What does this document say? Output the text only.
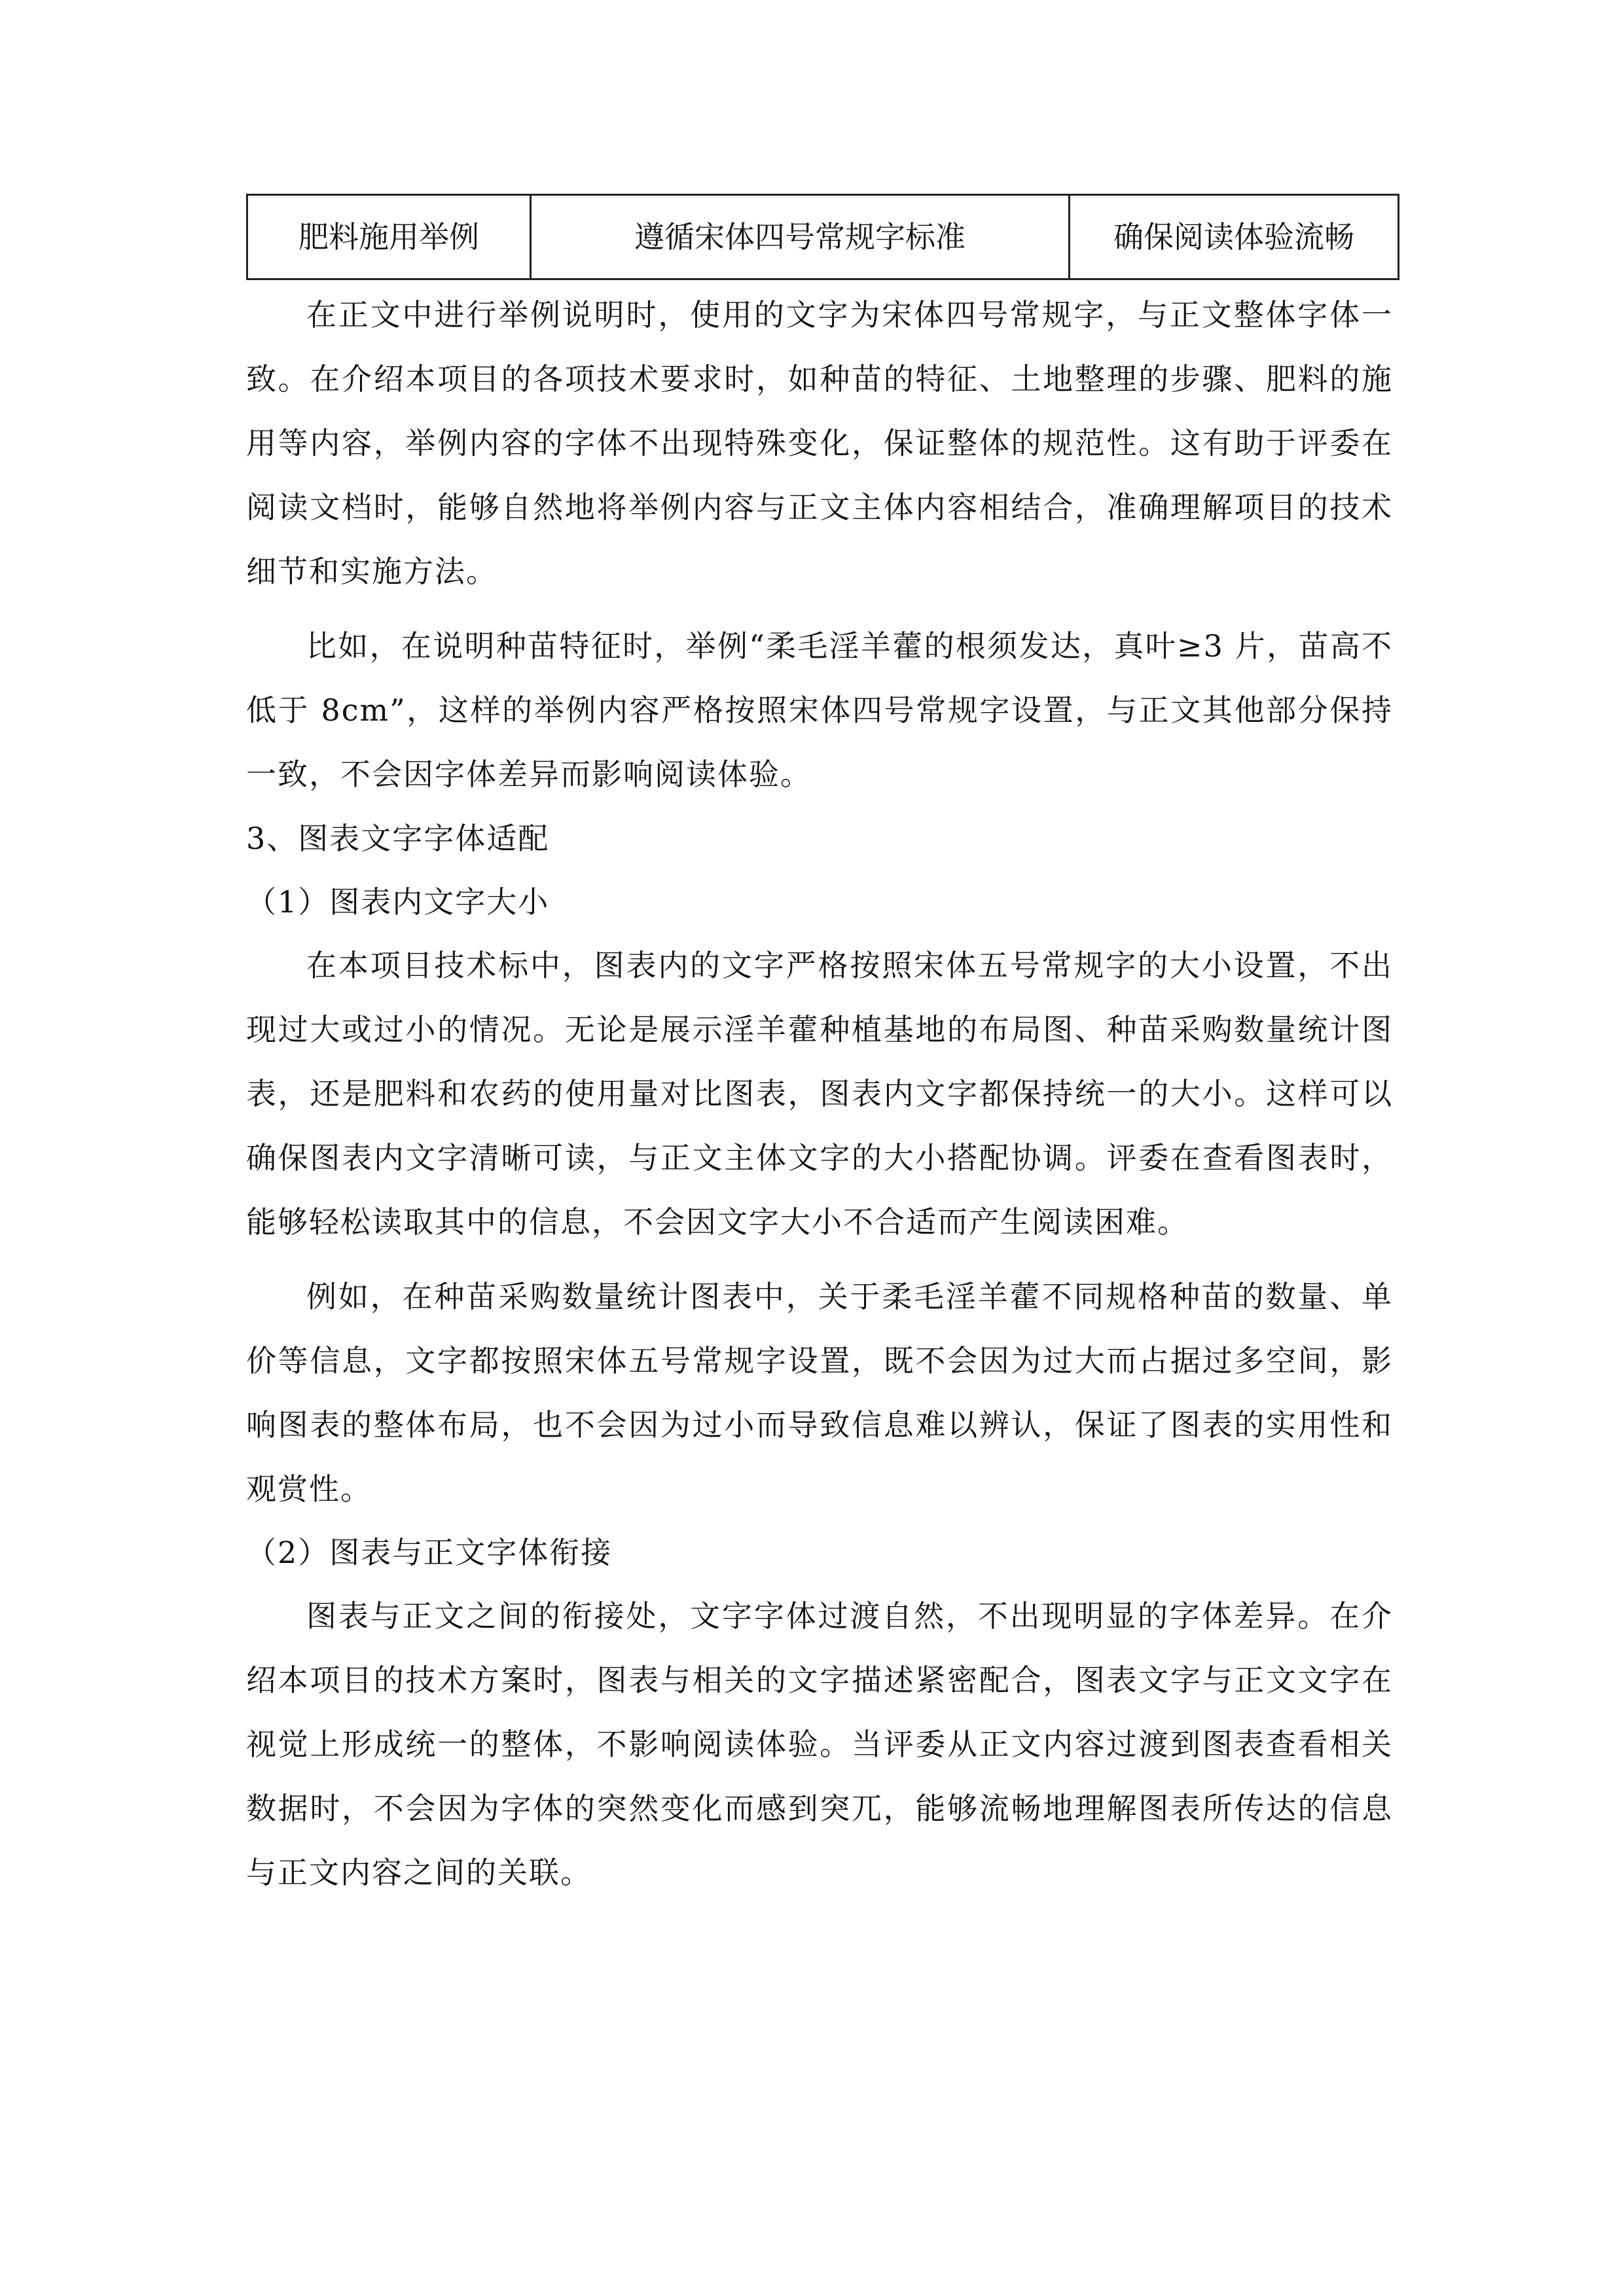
肥料施用举例	遵循宋体四号常规字标准	确保阅读体验流畅

在正文中进行举例说明时，使用的文字为宋体四号常规字，与正文整体字体一致。在介绍本项目的各项技术要求时，如种苗的特征、土地整理的步骤、肥料的施用等内容，举例内容的字体不出现特殊变化，保证整体的规范性。这有助于评委在阅读文档时，能够自然地将举例内容与正文主体内容相结合，准确理解项目的技术细节和实施方法。

比如，在说明种苗特征时，举例“柔毛淫羊藿的根须发达，真叶≥3 片，苗高不低于 8cm”，这样的举例内容严格按照宋体四号常规字设置，与正文其他部分保持一致，不会因字体差异而影响阅读体验。

3、图表文字字体适配

（1）图表内文字大小

在本项目技术标中，图表内的文字严格按照宋体五号常规字的大小设置，不出现过大或过小的情况。无论是展示淫羊藿种植基地的布局图、种苗采购数量统计图表，还是肥料和农药的使用量对比图表，图表内文字都保持统一的大小。这样可以确保图表内文字清晰可读，与正文主体文字的大小搭配协调。评委在查看图表时，能够轻松读取其中的信息，不会因文字大小不合适而产生阅读困难。

例如，在种苗采购数量统计图表中，关于柔毛淫羊藿不同规格种苗的数量、单价等信息，文字都按照宋体五号常规字设置，既不会因为过大而占据过多空间，影响图表的整体布局，也不会因为过小而导致信息难以辨认，保证了图表的实用性和观赏性。

（2）图表与正文字体衔接

图表与正文之间的衔接处，文字字体过渡自然，不出现明显的字体差异。在介绍本项目的技术方案时，图表与相关的文字描述紧密配合，图表文字与正文文字在视觉上形成统一的整体，不影响阅读体验。当评委从正文内容过渡到图表查看相关数据时，不会因为字体的突然变化而感到突兀，能够流畅地理解图表所传达的信息与正文内容之间的关联。
